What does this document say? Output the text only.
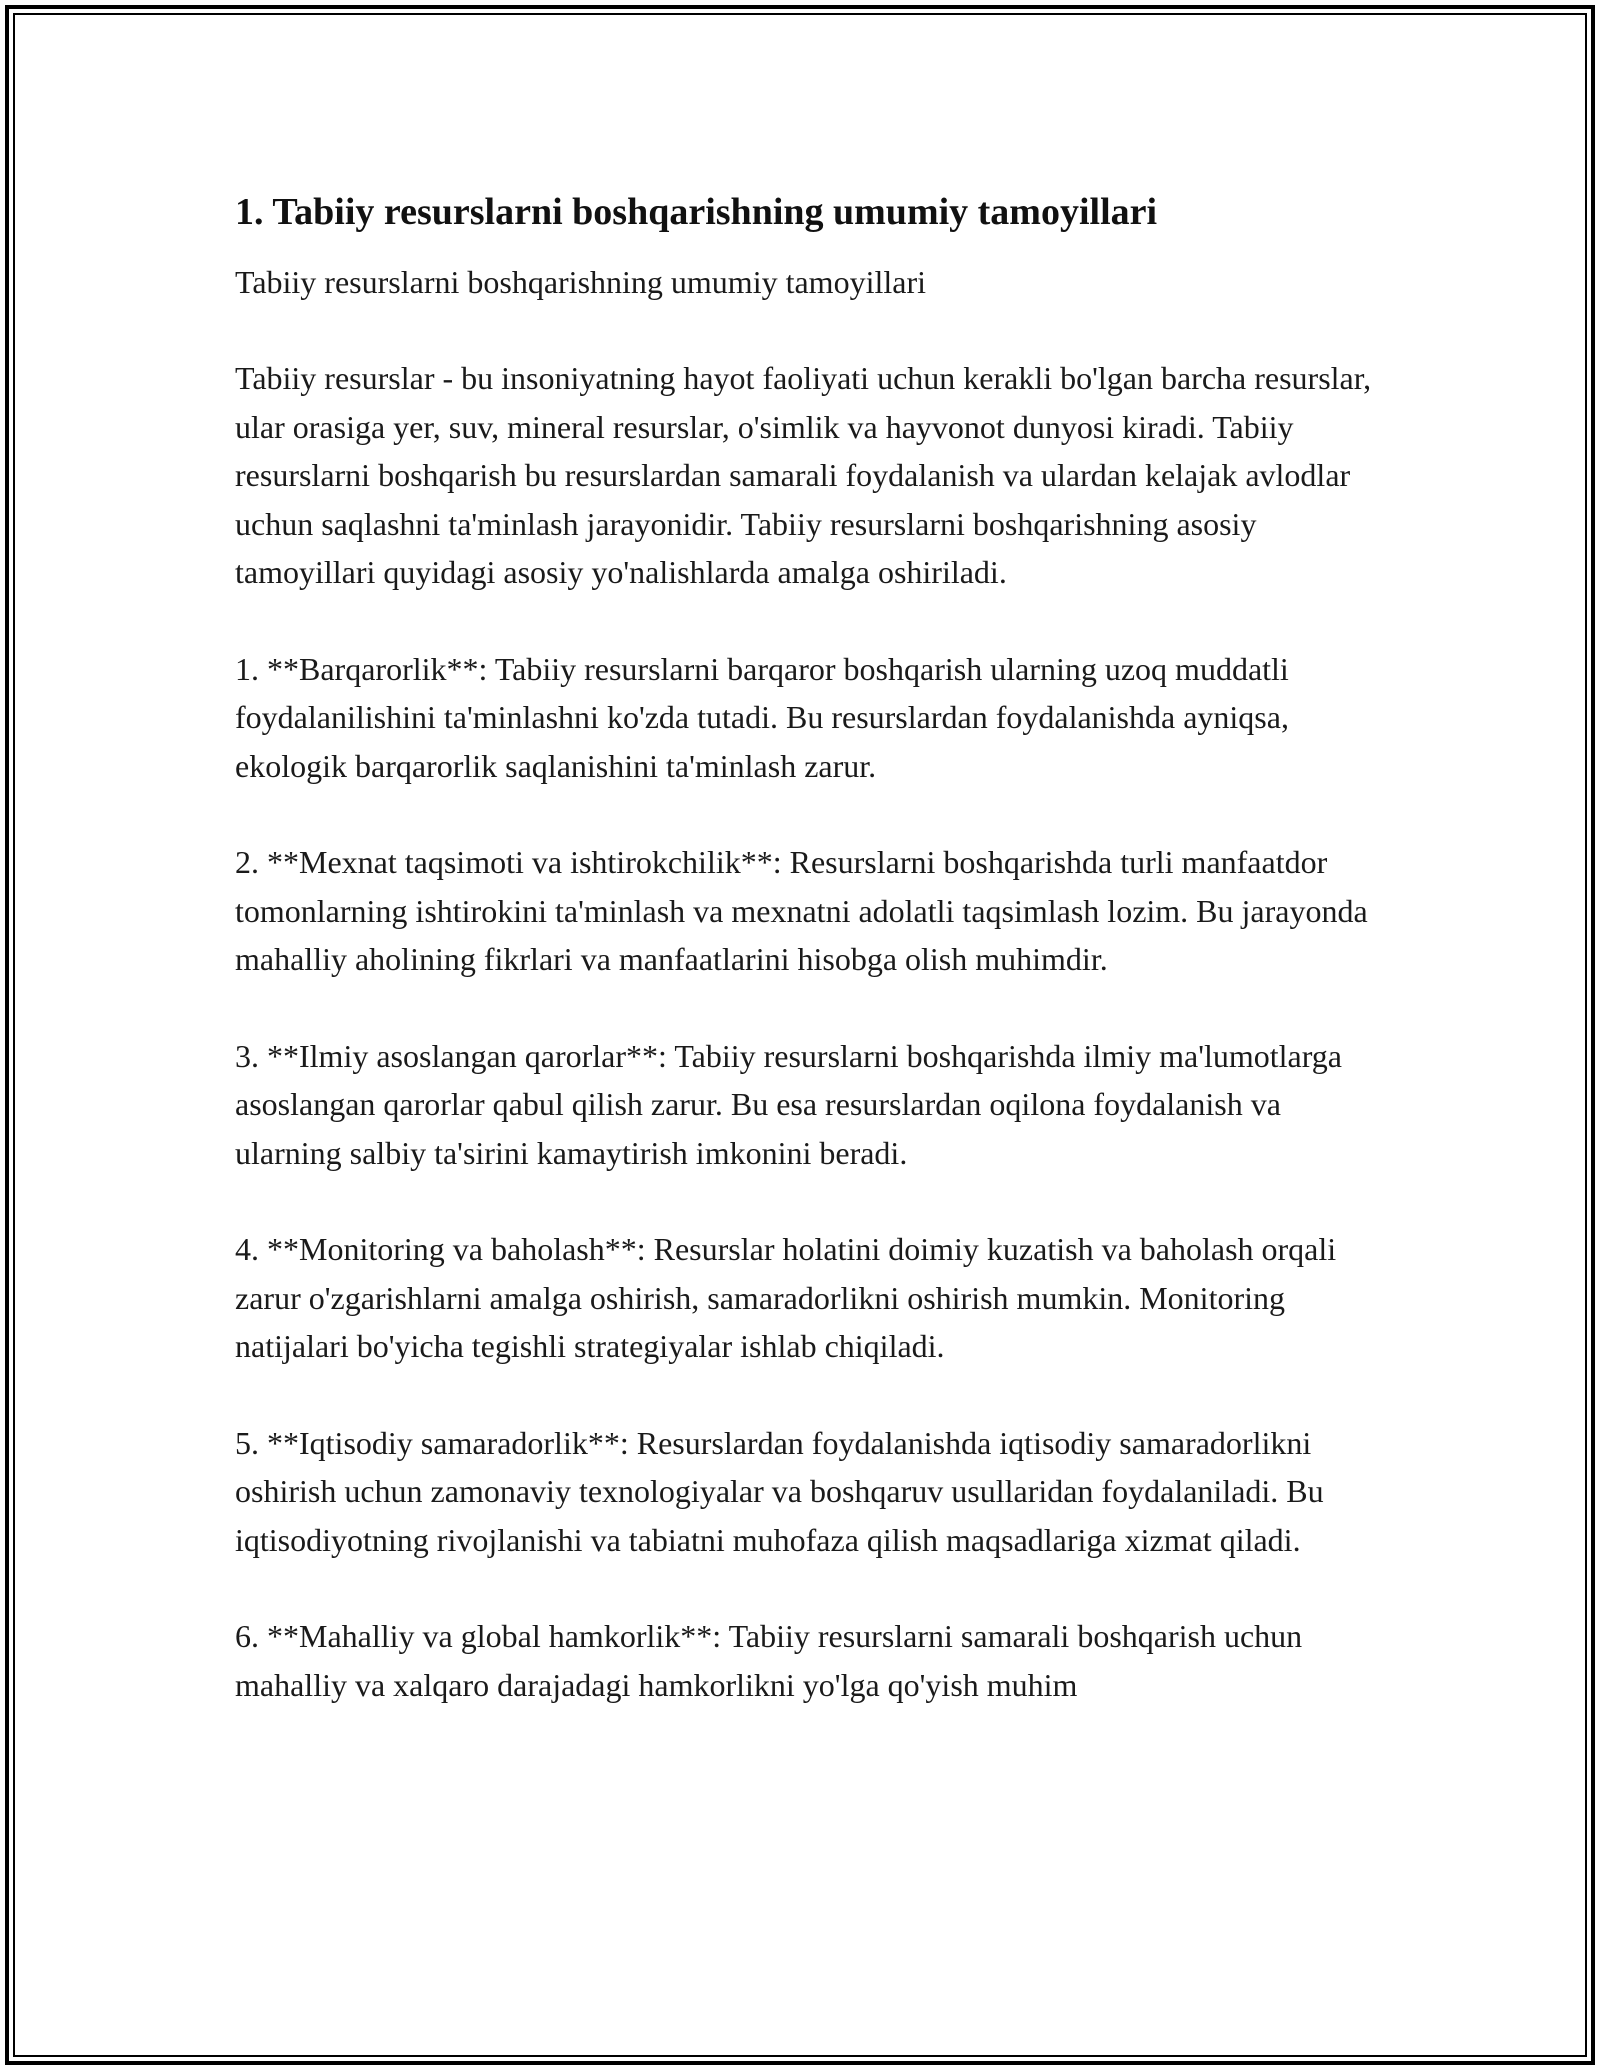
1. Tabiiy resurslarni boshqarishning umumiy tamoyillari

Tabiiy resurslarni boshqarishning umumiy tamoyillari

Tabiiy resurslar - bu insoniyatning hayot faoliyati uchun kerakli bo'lgan barcha resurslar, ular orasiga yer, suv, mineral resurslar, o'simlik va hayvonot dunyosi kiradi. Tabiiy resurslarni boshqarish bu resurslardan samarali foydalanish va ulardan kelajak avlodlar uchun saqlashni ta'minlash jarayonidir. Tabiiy resurslarni boshqarishning asosiy tamoyillari quyidagi asosiy yo'nalishlarda amalga oshiriladi.

1. **Barqarorlik**: Tabiiy resurslarni barqaror boshqarish ularning uzoq muddatli foydalanilishini ta'minlashni ko'zda tutadi. Bu resurslardan foydalanishda ayniqsa, ekologik barqarorlik saqlanishini ta'minlash zarur.

2. **Mexnat taqsimoti va ishtirokchilik**: Resurslarni boshqarishda turli manfaatdor tomonlarning ishtirokini ta'minlash va mexnatni adolatli taqsimlash lozim. Bu jarayonda mahalliy aholining fikrlari va manfaatlarini hisobga olish muhimdir.

3. **Ilmiy asoslangan qarorlar**: Tabiiy resurslarni boshqarishda ilmiy ma'lumotlarga asoslangan qarorlar qabul qilish zarur. Bu esa resurslardan oqilona foydalanish va ularning salbiy ta'sirini kamaytirish imkonini beradi.

4. **Monitoring va baholash**: Resurslar holatini doimiy kuzatish va baholash orqali zarur o'zgarishlarni amalga oshirish, samaradorlikni oshirish mumkin. Monitoring natijalari bo'yicha tegishli strategiyalar ishlab chiqiladi.

5. **Iqtisodiy samaradorlik**: Resurslardan foydalanishda iqtisodiy samaradorlikni oshirish uchun zamonaviy texnologiyalar va boshqaruv usullaridan foydalaniladi. Bu iqtisodiyotning rivojlanishi va tabiatni muhofaza qilish maqsadlariga xizmat qiladi.

6. **Mahalliy va global hamkorlik**: Tabiiy resurslarni samarali boshqarish uchun mahalliy va xalqaro darajadagi hamkorlikni yo'lga qo'yish muhim
